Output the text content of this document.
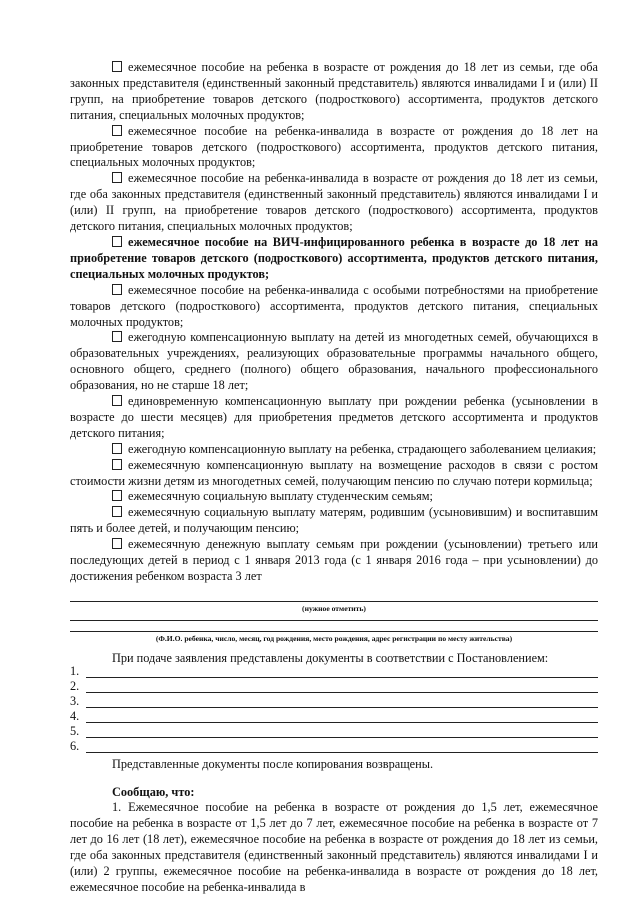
ежемесячное пособие на ребенка в возрасте от рождения до 18 лет из семьи, где оба законных представителя (единственный законный представитель) являются инвалидами I и (или) II групп, на приобретение товаров детского (подросткового) ассортимента, продуктов детского питания, специальных молочных продуктов;

ежемесячное пособие на ребенка-инвалида в возрасте от рождения до 18 лет на приобретение товаров детского (подросткового) ассортимента, продуктов детского питания, специальных молочных продуктов;

ежемесячное пособие на ребенка-инвалида в возрасте от рождения до 18 лет из семьи, где оба законных представителя (единственный законный представитель) являются инвалидами I и (или) II групп, на приобретение товаров детского (подросткового) ассортимента, продуктов детского питания, специальных молочных продуктов;

ежемесячное пособие на ВИЧ-инфицированного ребенка в возрасте до 18 лет на приобретение товаров детского (подросткового) ассортимента, продуктов детского питания, специальных молочных продуктов;

ежемесячное пособие на ребенка-инвалида с особыми потребностями на приобретение товаров детского (подросткового) ассортимента, продуктов детского питания, специальных молочных продуктов;

ежегодную компенсационную выплату на детей из многодетных семей, обучающихся в образовательных учреждениях, реализующих образовательные программы начального общего, основного общего, среднего (полного) общего образования, начального профессионального образования, но не старше 18 лет;

единовременную компенсационную выплату при рождении ребенка (усыновлении в возрасте до шести месяцев) для приобретения предметов детского ассортимента и продуктов детского питания;

ежегодную компенсационную выплату на ребенка, страдающего заболеванием целиакия;

ежемесячную компенсационную выплату на возмещение расходов в связи с ростом стоимости жизни детям из многодетных семей, получающим пенсию по случаю потери кормильца;

ежемесячную социальную выплату студенческим семьям;

ежемесячную социальную выплату матерям, родившим (усыновившим) и воспитавшим пять и более детей, и получающим пенсию;

ежемесячную денежную выплату семьям при рождении (усыновлении) третьего или последующих детей в период с 1 января 2013 года (с 1 января 2016 года – при усыновлении) до достижения ребенком возраста 3 лет

(нужное отметить)
(Ф.И.О. ребенка, число, месяц, год рождения, место рождения, адрес регистрации по месту жительства)
При подаче заявления представлены документы в соответствии с Постановлением:
1.
2.
3.
4.
5.
6.
Представленные документы после копирования возвращены.
Сообщаю, что:
1. Ежемесячное пособие на ребенка в возрасте от рождения до 1,5 лет, ежемесячное пособие на ребенка в возрасте от 1,5 лет до 7 лет, ежемесячное пособие на ребенка в возрасте от 7 лет до 16 лет (18 лет), ежемесячное пособие на ребенка в возрасте от рождения до 18 лет из семьи, где оба законных представителя (единственный законный представитель) являются инвалидами I и (или) 2 группы, ежемесячное пособие на ребенка-инвалида в возрасте от рождения до 18 лет, ежемесячное пособие на ребенка-инвалида в
